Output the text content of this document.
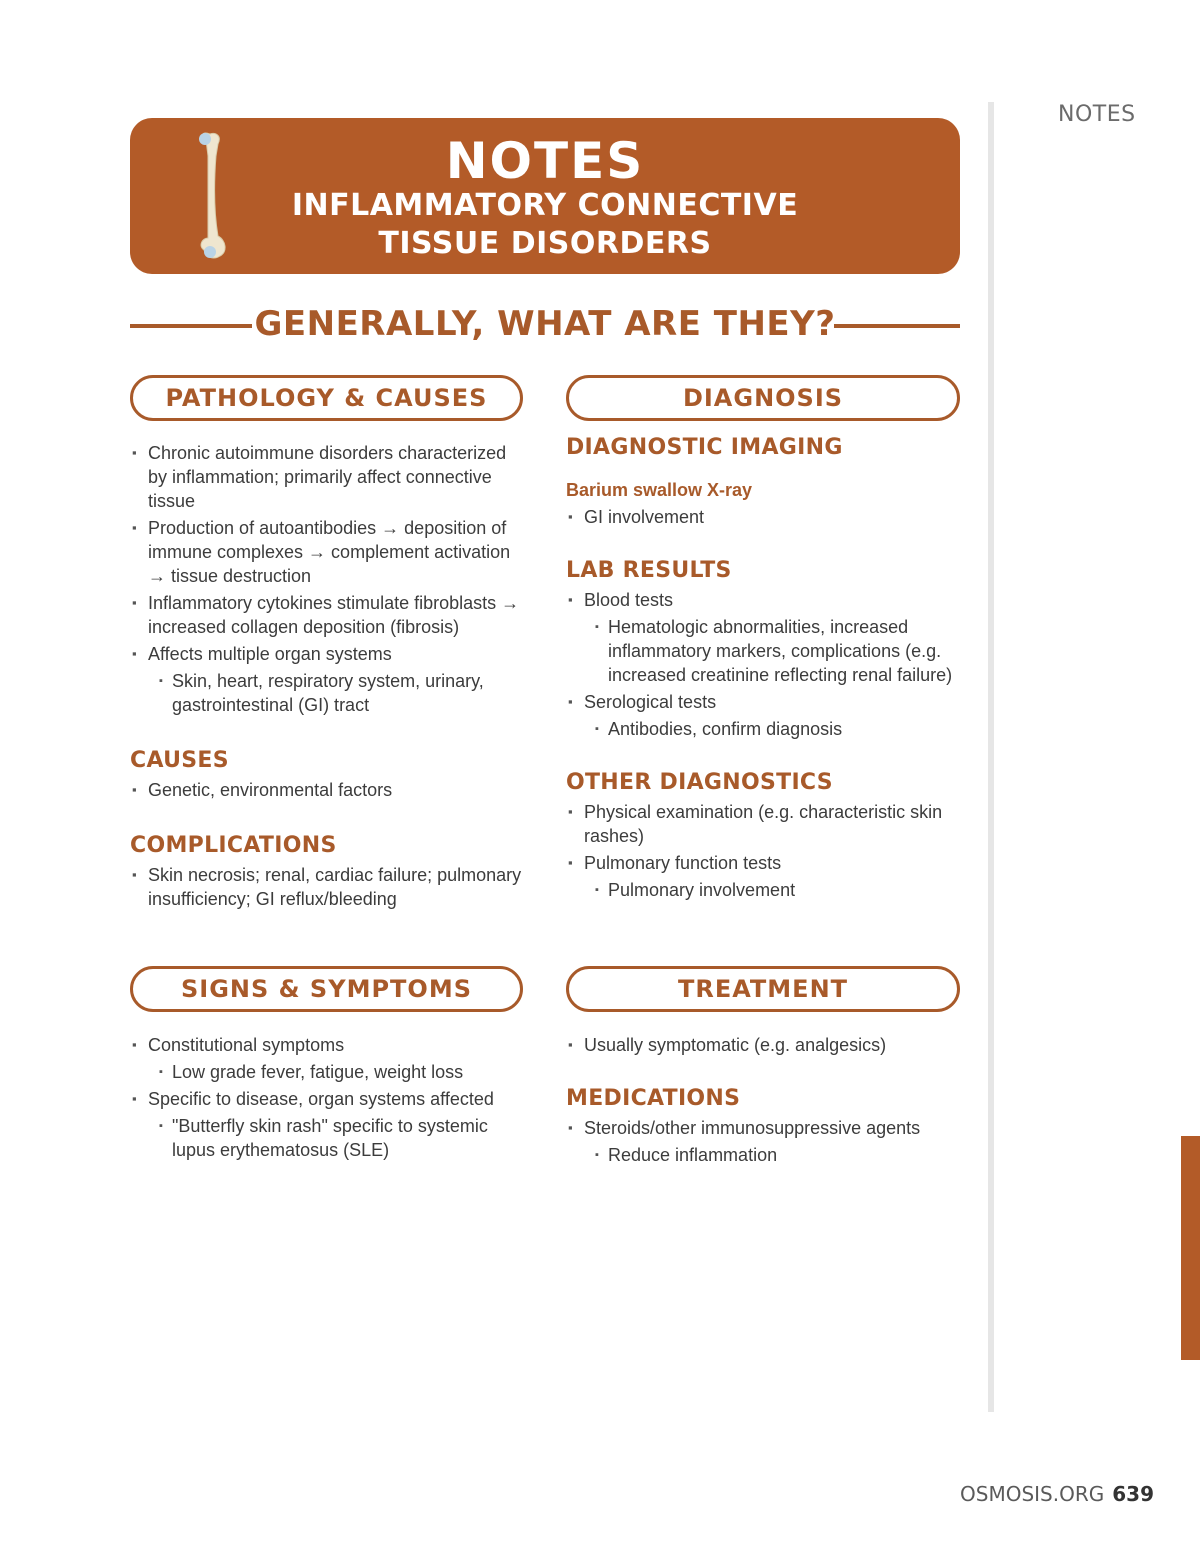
NOTES
NOTES
INFLAMMATORY CONNECTIVE
TISSUE DISORDERS
GENERALLY, WHAT ARE THEY?
PATHOLOGY & CAUSES	DIAGNOSIS
SIGNS & SYMPTOMS	TREATMENT
▪ Chronic autoimmune disorders characterized by inflammation; primarily affect connective tissue
▪ Production of autoantibodies → deposition of immune complexes → complement activation → tissue destruction
▪ Inflammatory cytokines stimulate fibroblasts → increased collagen deposition (fibrosis)
▪ Affects multiple organ systems
▪ Skin, heart, respiratory system, urinary, gastrointestinal (GI) tract
CAUSES
▪ Genetic, environmental factors
COMPLICATIONS
▪ Skin necrosis; renal, cardiac failure; pulmonary insufficiency; GI reflux/bleeding
▪ Constitutional symptoms
▪ Low grade fever, fatigue, weight loss
▪ Specific to disease, organ systems affected
▪ "Butterfly skin rash" specific to systemic lupus erythematosus (SLE)
DIAGNOSTIC IMAGING
Barium swallow X-ray
▪ GI involvement
LAB RESULTS
▪ Blood tests
▪ Hematologic abnormalities, increased inflammatory markers, complications (e.g. increased creatinine reflecting renal failure)
▪ Serological tests
▪ Antibodies, confirm diagnosis
OTHER DIAGNOSTICS
▪ Physical examination (e.g. characteristic skin rashes)
▪ Pulmonary function tests
▪ Pulmonary involvement
▪ Usually symptomatic (e.g. analgesics)
MEDICATIONS
▪ Steroids/other immunosuppressive agents
▪ Reduce inflammation
OSMOSIS.ORG 639
